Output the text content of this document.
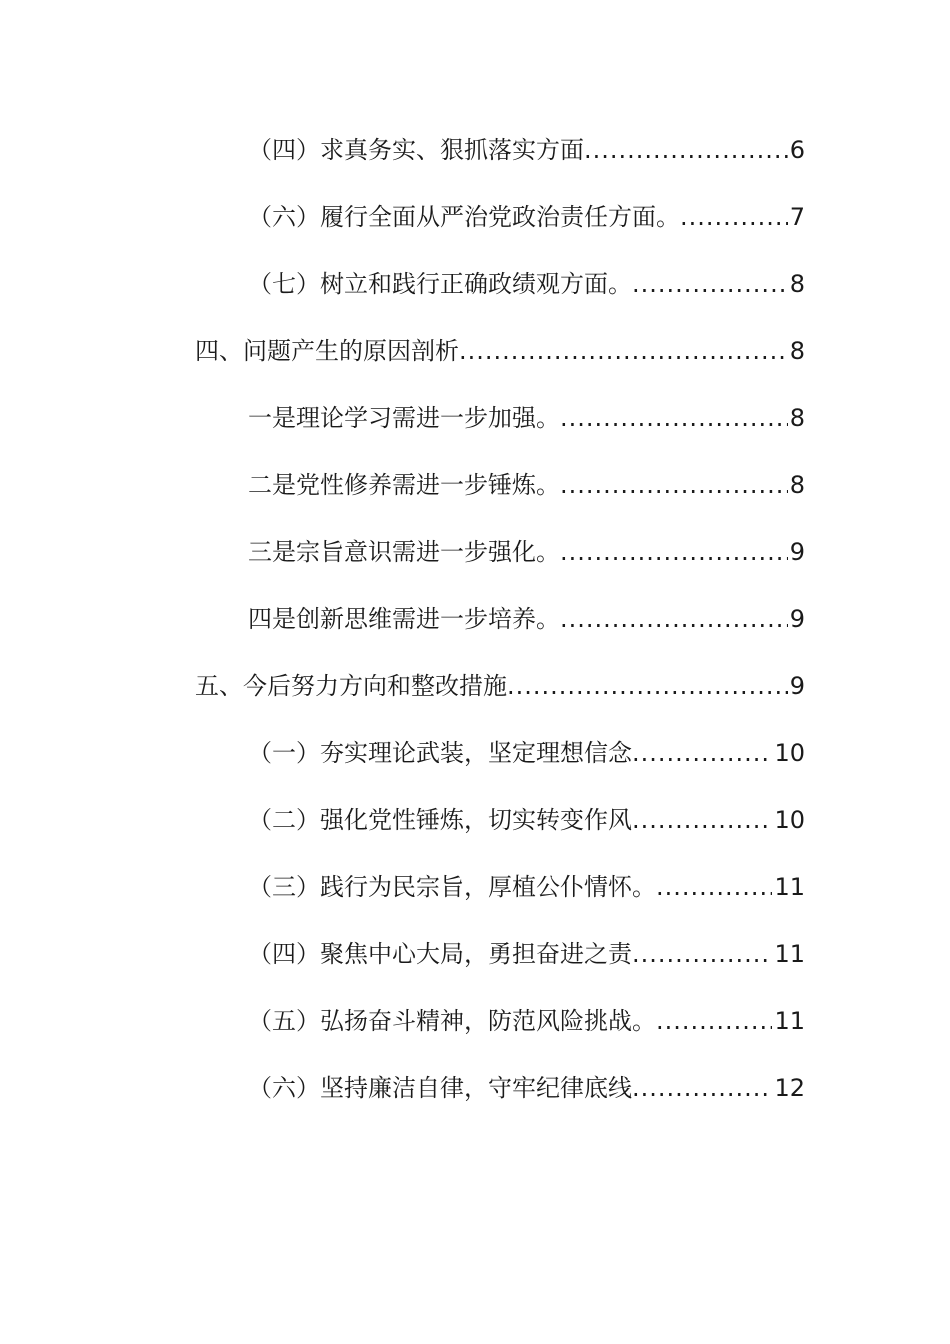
（四）求真务实、狠抓落实方面 .....	6
（六）履行全面从严治党政治责任方面。 .....	7
（七）树立和践行正确政绩观方面。 .....	8
四、问题产生的原因剖析 .....	8
一是理论学习需进一步加强。 .....	8
二是党性修养需进一步锤炼。 .....	8
三是宗旨意识需进一步强化。 .....	9
四是创新思维需进一步培养。 .....	9
五、今后努力方向和整改措施 .....	9
（一）夯实理论武装，坚定理想信念 .....	10
（二）强化党性锤炼，切实转变作风 .....	10
（三）践行为民宗旨，厚植公仆情怀。 .....	11
（四）聚焦中心大局，勇担奋进之责 .....	11
（五）弘扬奋斗精神，防范风险挑战。 .....	11
（六）坚持廉洁自律，守牢纪律底线 .....	12
